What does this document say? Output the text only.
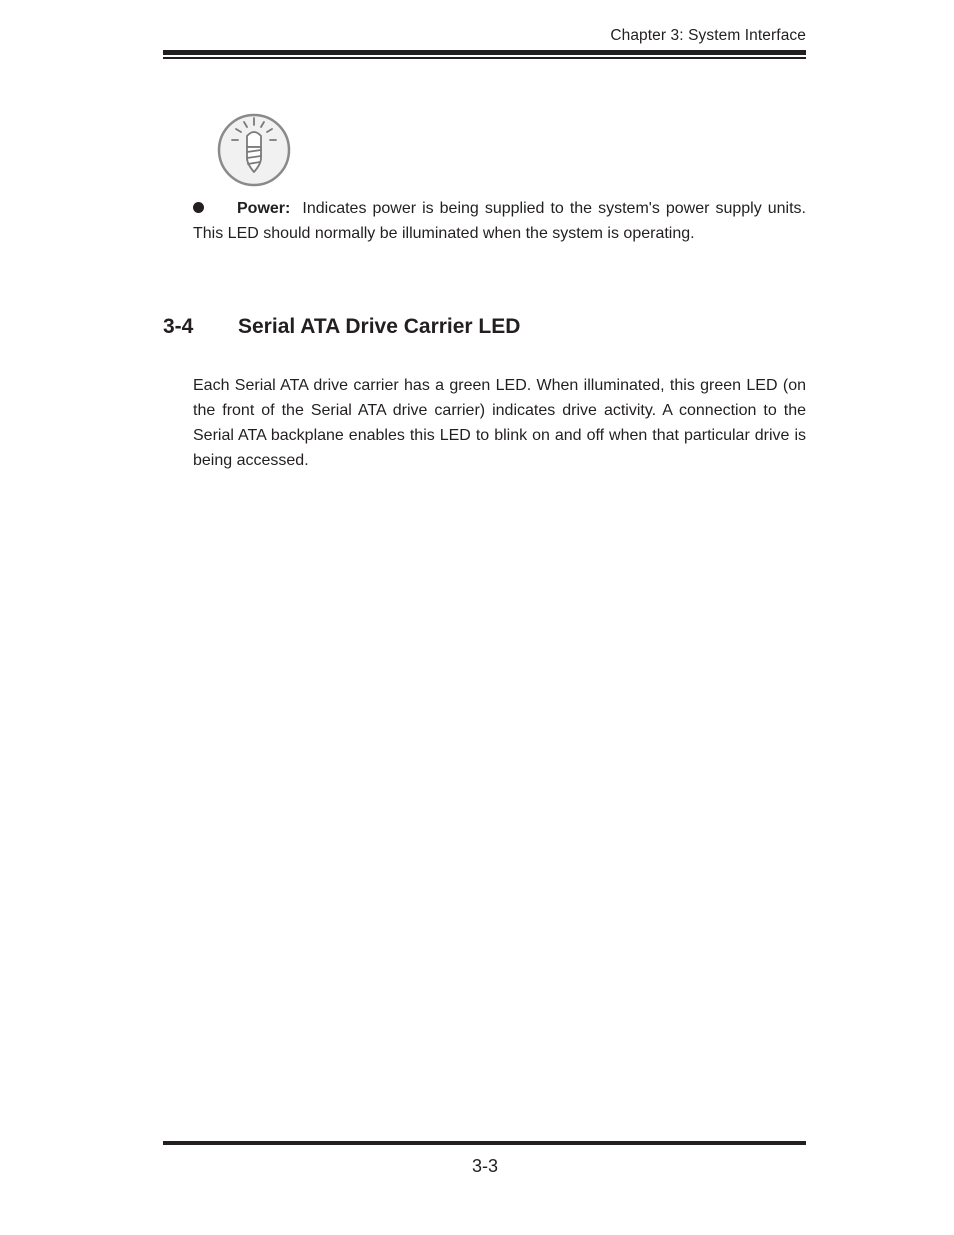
Chapter 3: System Interface
Power: Indicates power is being supplied to the system's power supply units. This LED should normally be illuminated when the system is operating.
3-4 Serial ATA Drive Carrier LED
Each Serial ATA drive carrier has a green LED. When illuminated, this green LED (on the front of the Serial ATA drive carrier) indicates drive activity. A connection to the Serial ATA backplane enables this LED to blink on and off when that particular drive is being accessed.
3-3
